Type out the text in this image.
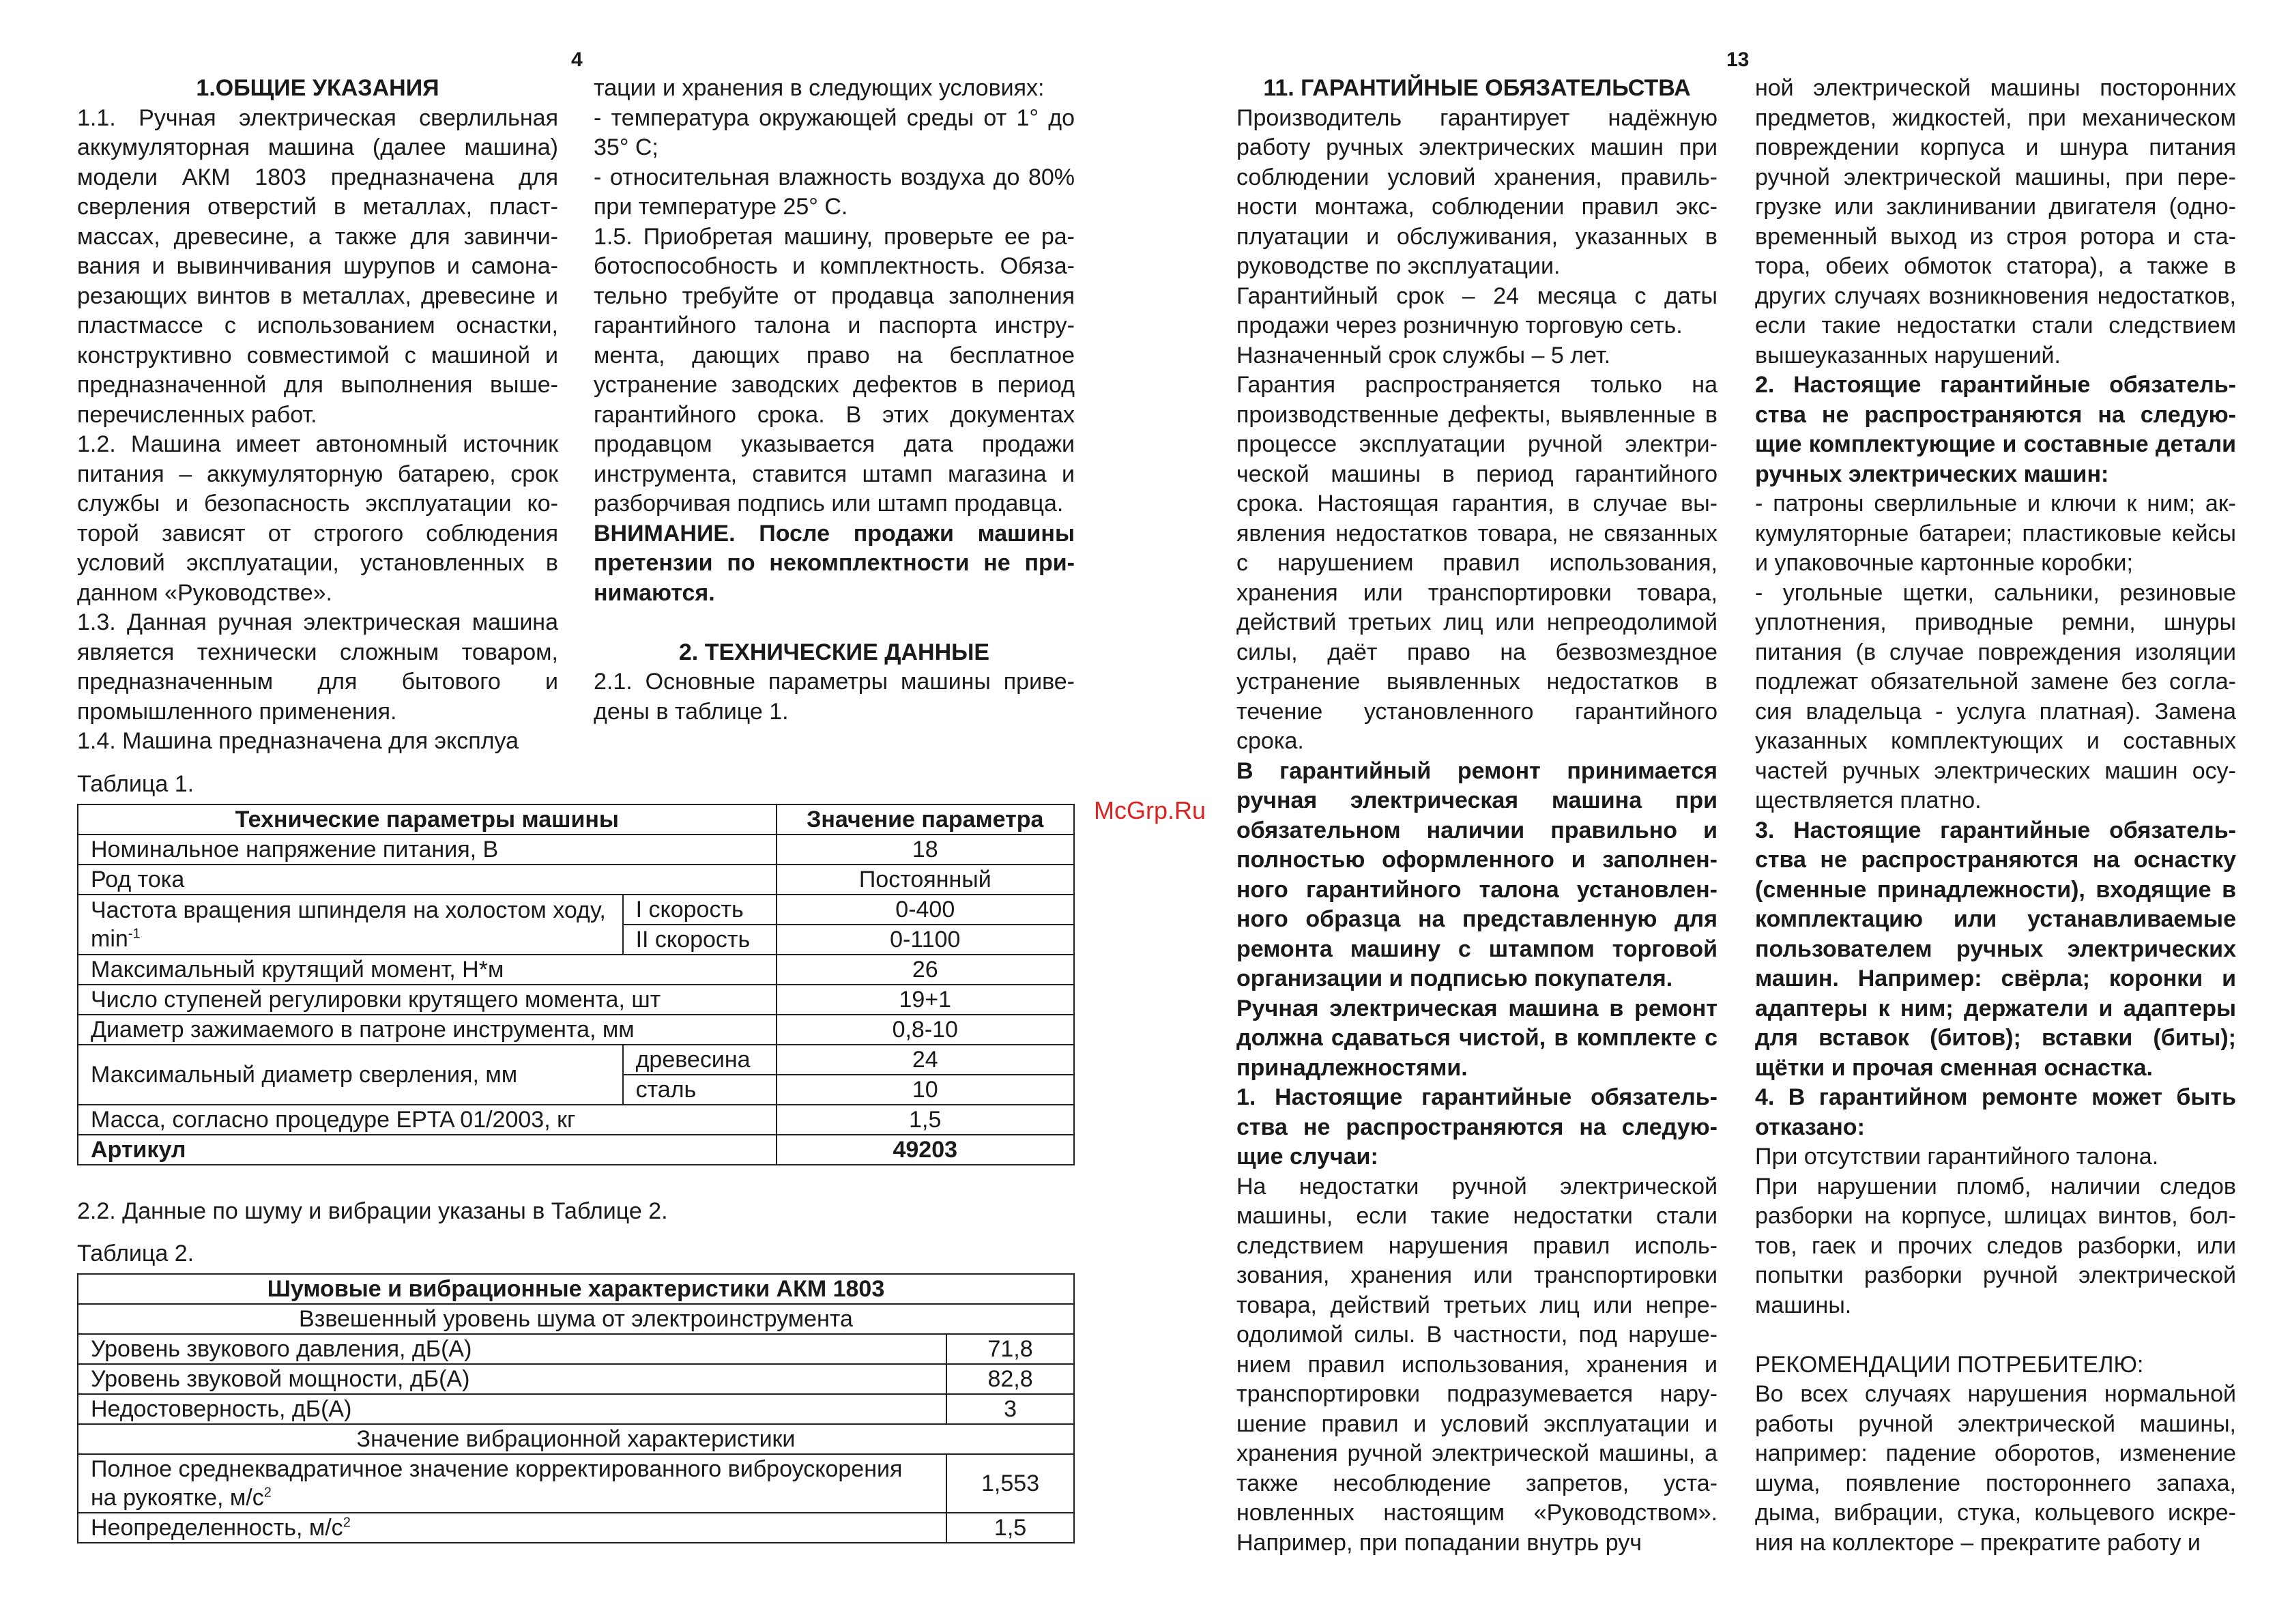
4	13

1.ОБЩИЕ УКАЗАНИЯ

1.1. Ручная электрическая сверлильная аккумуляторная машина (далее машина) модели АКМ 1803 предназначена для сверления отверстий в металлах, пластмассах, древесине, а также для завинчивания и вывинчивания шурупов и самонарезающих винтов в металлах, древесине и пластмассе с использованием оснастки, конструктивно совместимой с машиной и предназначенной для выполнения вышеперечисленных работ.

1.2. Машина имеет автономный источник питания – аккумуляторную батарею, срок службы и безопасность эксплуатации которой зависят от строгого соблюдения условий эксплуатации, установленных в данном «Руководстве».

1.3. Данная ручная электрическая машина является технически сложным товаром, предназначенным для бытового и промышленного применения.

1.4. Машина предназначена для эксплуа

тации и хранения в следующих условиях:

- температура окружающей среды от 1° до 35° С;

- относительная влажность воздуха до 80% при температуре 25° С.

1.5. Приобретая машину, проверьте ее работоспособность и комплектность. Обязательно требуйте от продавца заполнения гарантийного талона и паспорта инструмента, дающих право на бесплатное устранение заводских дефектов в период гарантийного срока. В этих документах продавцом указывается дата продажи инструмента, ставится штамп магазина и разборчивая подпись или штамп продавца.

ВНИМАНИЕ. После продажи машины претензии по некомплектности не принимаются.

2. ТЕХНИЧЕСКИЕ ДАННЫЕ

2.1. Основные параметры машины приведены в таблице 1.

11. ГАРАНТИЙНЫЕ ОБЯЗАТЕЛЬСТВА

Производитель гарантирует надёжную работу ручных электрических машин при соблюдении условий хранения, правильности монтажа, соблюдении правил эксплуатации и обслуживания, указанных в руководстве по эксплуатации.

Гарантийный срок – 24 месяца с даты продажи через розничную торговую сеть.

Назначенный срок службы – 5 лет.

Гарантия распространяется только на производственные дефекты, выявленные в процессе эксплуатации ручной электрической машины в период гарантийного срока. Настоящая гарантия, в случае выявления недостатков товара, не связанных с нарушением правил использования, хранения или транспортировки товара, действий третьих лиц или непреодолимой силы, даёт право на безвозмездное устранение выявленных недостатков в течение установленного гарантийного срока.

В гарантийный ремонт принимается ручная электрическая машина при обязательном наличии правильно и полностью оформленного и заполненного гарантийного талона установленного образца на представленную для ремонта машину с штампом торговой организации и подписью покупателя.

Ручная электрическая машина в ремонт должна сдаваться чистой, в комплекте с принадлежностями.

1. Настоящие гарантийные обязательства не распространяются на следующие случаи:

На недостатки ручной электрической машины, если такие недостатки стали следствием нарушения правил использования, хранения или транспортировки товара, действий третьих лиц или непреодолимой силы. В частности, под нарушением правил использования, хранения и транспортировки подразумевается нарушение правил и условий эксплуатации и хранения ручной электрической машины, а также несоблюдение запретов, установленных настоящим «Руководством». Например, при попадании внутрь руч

ной электрической машины посторонних предметов, жидкостей, при механическом повреждении корпуса и шнура питания ручной электрической машины, при перегрузке или заклинивании двигателя (одновременный выход из строя ротора и статора, обеих обмоток статора), а также в других случаях возникновения недостатков, если такие недостатки стали следствием вышеуказанных нарушений.

2. Настоящие гарантийные обязательства не распространяются на следующие комплектующие и составные детали ручных электрических машин:

- патроны сверлильные и ключи к ним; аккумуляторные батареи; пластиковые кейсы и упаковочные картонные коробки;

- угольные щетки, сальники, резиновые уплотнения, приводные ремни, шнуры питания (в случае повреждения изоляции подлежат обязательной замене без согласия владельца - услуга платная). Замена указанных комплектующих и составных частей ручных электрических машин осуществляется платно.

3. Настоящие гарантийные обязательства не распространяются на оснастку (сменные принадлежности), входящие в комплектацию или устанавливаемые пользователем ручных электрических машин. Например: свёрла; коронки и адаптеры к ним; держатели и адаптеры для вставок (битов); вставки (биты); щётки и прочая сменная оснастка.

4. В гарантийном ремонте может быть отказано:

При отсутствии гарантийного талона.

При нарушении пломб, наличии следов разборки на корпусе, шлицах винтов, болтов, гаек и прочих следов разборки, или попытки разборки ручной электрической машины.

РЕКОМЕНДАЦИИ ПОТРЕБИТЕЛЮ:

Во всех случаях нарушения нормальной работы ручной электрической машины, например: падение оборотов, изменение шума, появление постороннего запаха, дыма, вибрации, стука, кольцевого искрения на коллекторе – прекратите работу и

McGrp.Ru
Таблица 1.
Технические параметры машины		Значение параметра
Номинальное напряжение питания, В		18
Род тока		Постоянный
Частота вращения шпинделя на холостом ходу, $\min^{-1}$	I скорость	0-400
	II скорость	0-1100
Максимальный крутящий момент, Н*м		26
Число ступеней регулировки крутящего момента, шт		19+1
Диаметр зажимаемого в патроне инструмента, мм		0,8-10
Максимальный диаметр сверления, мм	древесина	24
	сталь	10
Масса, согласно процедуре EPTA 01/2003, кг		1,5
Артикул		49203
2.2. Данные по шуму и вибрации указаны в Таблице 2.
Таблица 2.
Шумовые и вибрационные характеристики АКМ 1803	
Взвешенный уровень шума от электроинструмента	
Уровень звукового давления, дБ(А)	71,8
Уровень звуковой мощности, дБ(А)	82,8
Недостоверность, дБ(А)	3
Значение вибрационной характеристики	
Полное среднеквадратичное значение корректированного виброускорения на рукоятке, $м/с^2$	1,553
Неопределенность, $м/с^2$	1,5
